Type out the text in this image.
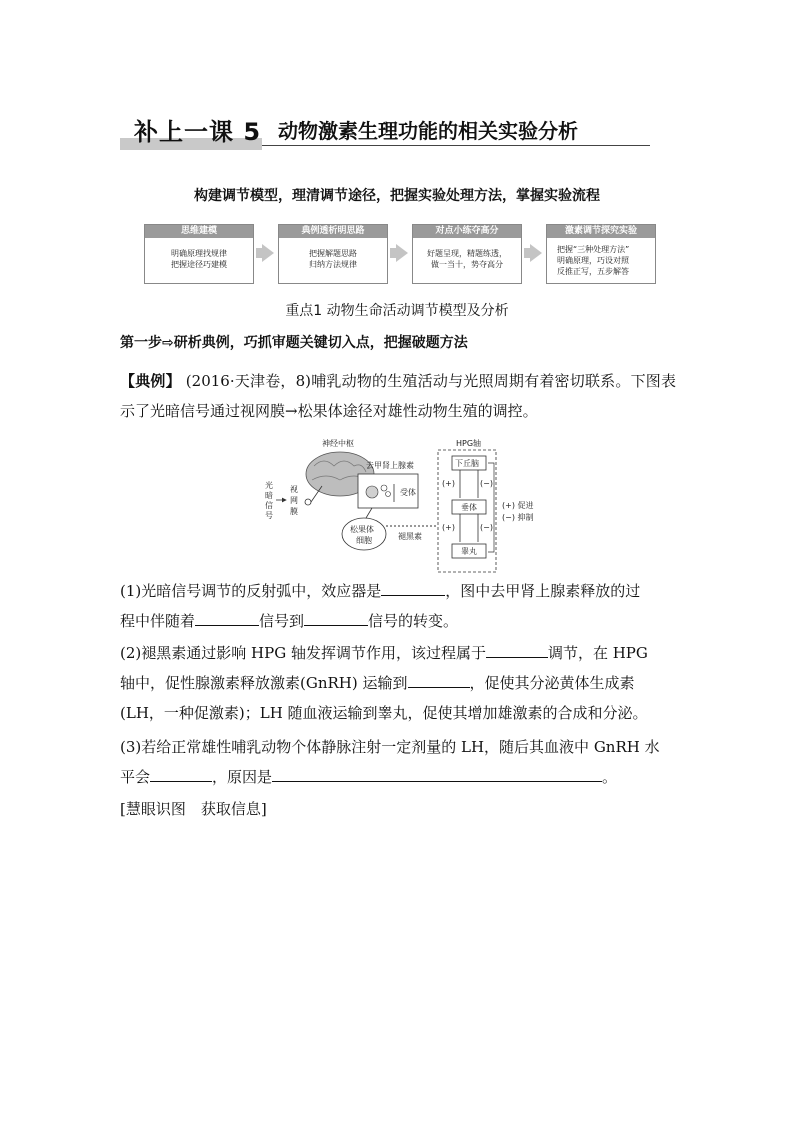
补上一课 5 动物激素生理功能的相关实验分析
构建调节模型，理清调节途径，把握实验处理方法，掌握实验流程
思维建模
明确原理找规律
把握途径巧建模
典例透析明思路
把握解题思路
归纳方法规律
对点小练夺高分
好题呈现，精题练透，
做一当十，势夺高分
激素调节探究实验
把握“三种处理方法”
明确原理，巧设对照
反推正写，五步解答
重点1 动物生命活动调节模型及分析
第一步⇨研析典例，巧抓审题关键切入点，把握破题方法
【典例】 (2016·天津卷，8)哺乳动物的生殖活动与光照周期有着密切联系。下图表示了光暗信号通过视网膜→松果体途径对雄性动物生殖的调控。
神经中枢
光
暗
信
号
视
网
膜
去甲肾上腺素
受体
松果体
细胞	褪黑素
HPG轴
下丘脑
垂体
睾丸
(+)	(−)
(+)	(−)
(+) 促进
(−) 抑制
(1)光暗信号调节的反射弧中，效应器是	，图中去甲肾上腺素释放的过
程中伴随着	信号到	信号的转变。
(2)褪黑素通过影响 HPG 轴发挥调节作用，该过程属于	调节，在 HPG
轴中，促性腺激素释放激素(GnRH) 运输到	，促使其分泌黄体生成素
(LH，一种促激素)；LH 随血液运输到睾丸，促使其增加雄激素的合成和分泌。
(3)若给正常雄性哺乳动物个体静脉注射一定剂量的 LH，随后其血液中 GnRH 水
平会	，原因是	。
[慧眼识图　获取信息]
